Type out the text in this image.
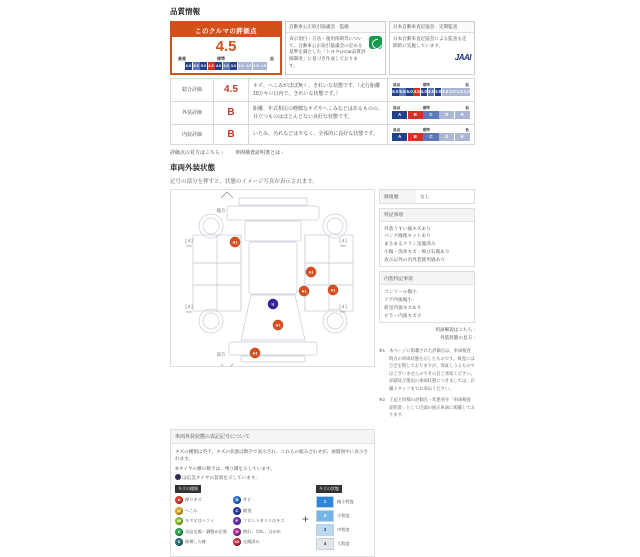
品質情報
このクルマの評価点
4.5
最高	標準	低
6.0 5.5 5.0 4.5 4.0 3.5 3.0 2.5 2.0 1.5 1.0
自動車公正取引協議会　監修

表示項目・方法・運用体制等について、自動車公正取引協議会の定める基準を満たした「トヨタU-Car品質評価制度」に基づき作成しております。

日本自動車査定協会　定期監査

日本自動車査定協会による監査も定期的に実施しています。

JAAI
総合評価	4.5	キズ、へこみがほぼ無く、きれいな状態です。（走行距離10万キロ以内で、きれいな状態です。）	
最高	標準	低
6.0 5.5 5.0 4.5 4.0 3.5 3.0 2.5 2.0 1.5 1.0

外装評価	B	距離、年式相応の軽微なキズやへこみなどはあるものの、目立つものはほとんどない良好な状態です。	
最高	標準	低
A	B	C	D	E

内装評価	B	いたみ、汚れなどは少なく、全体的に良好な状態です。	
最高	標準	低
A	B	C	D	E
評価点の見方はこちら ›	車両検査証明書とは ›
車両外装状態
記号の部分を押すと、状態のイメージ写真が表示されます。
後方
前方
[ 4 ]
mm
[ 4 ]
mm
[ 4 ]
mm
[ 4 ]
mm
A1
A1
A1	A1
U
A1
A1
修復歴	なし
特記事項
外装うすい線キズあり
パンク修理キットあり
まるまるクリン実施済み
小傷・洗車キズ・飛び石傷あり
表示以外の内外装使用感あり
内装特記事項
コンソール傷小
ドア内張傷小
荷室内張キズあり
ピラー内張キズ小
用語解説はこちら ›
外装状態の見方 ›

※1　本ページに掲載された評価点は、車両検査時点の車両状態を示したものです。検査には万全を期しておりますが、保証しうるものではございませんのでその旨ご承知ください。詳細及び現況の車両状態につきましては、店舗スタッフまでお尋ねください。

※2　上記と同様の評価点・状態表を「車両検査証明書」として店頭の展示車両に掲載しております。

車両外装状態の表記記号について

キズの種類は英字、キズの状態は数字で表示され、これらの組み合わせが、展開図中に表示されます。

※タイヤの横の数字は、残り溝を示しています。

は応急タイヤの装着を示しています。

キズの種類
A	擦りキズ
U	へこみ
W キズ又はヘコミ
X	良品交換・調整が必要
S	修理した跡
B	サビ
C	腐食
P	フロントガラスのキズ
H	割れ、切れ、はがれ
XX 交換済み
+
キズの状態
1	極小程度
2	小程度
3	中程度
4	大程度
